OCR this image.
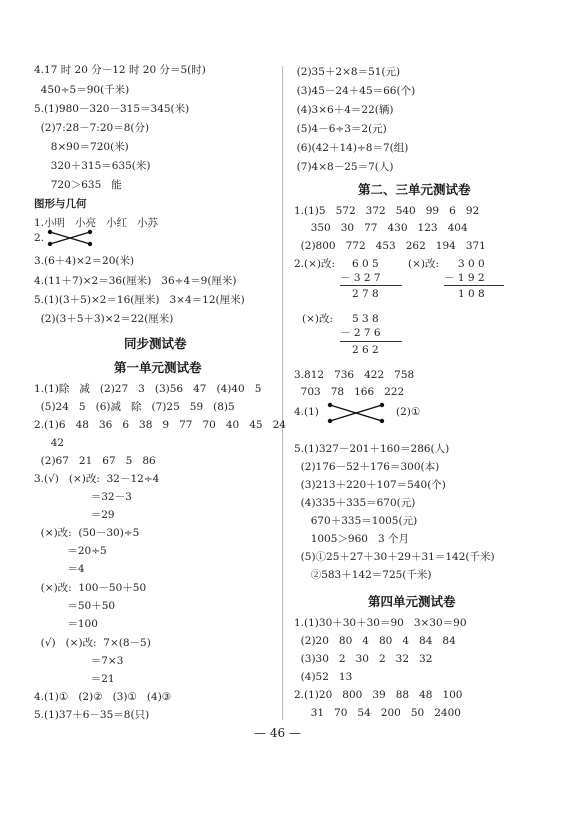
4.17 时 20 分－12 时 20 分＝5(时)
450÷5＝90(千米)
5.(1)980－320－315＝345(米)
(2)7:28－7:20＝8(分)
8×90＝720(米)
320＋315＝635(米)
720＞635   能
图形与几何
1.小明   小亮   小红   小苏
2.
3.(6＋4)×2＝20(米)
4.(11＋7)×2＝36(厘米)   36÷4＝9(厘米)
5.(1)(3＋5)×2＝16(厘米)   3×4＝12(厘米)
(2)(3＋5＋3)×2＝22(厘米)
同步测试卷
第一单元测试卷
1.(1)除   减   (2)27   3   (3)56   47   (4)40   5
(5)24   5   (6)减   除   (7)25   59   (8)5
2.(1)6   48   36   6   38   9   77   70   40   45   24
42
(2)67   21   67   5   86
3.(√)   (×)改:  32－12÷4
＝32－3
＝29
(×)改:  (50－30)÷5
＝20÷5
＝4
(×)改:  100－50＋50
＝50＋50
＝100
(√)   (×)改:  7×(8－5)
＝7×3
＝21
4.(1)①   (2)②   (3)①   (4)③
5.(1)37＋6－35＝8(只)
(2)35＋2×8＝51(元)
(3)45－24＋45＝66(个)
(4)3×6＋4＝22(辆)
(5)4－6÷3＝2(元)
(6)(42＋14)÷8＝7(组)
(7)4×8－25＝7(人)
第二、三单元测试卷
1.(1)5   572   372   540   99   6   92
350   30   77   430   123   404
(2)800   772   453   262   194   371
2.(×)改: 6 0 5
－ 3 2 7
2 7 8
(×)改: 3 0 0
－ 1 9 2
1 0 8
(×)改: 5 3 8
－ 2 7 6
2 6 2
3.812   736   422   758
703   78   166   222
4.(1)	(2)①
5.(1)327－201＋160＝286(人)
(2)176－52＋176＝300(本)
(3)213＋220＋107＝540(个)
(4)335＋335＝670(元)
670＋335＝1005(元)
1005＞960   3 个月
(5)①25＋27＋30＋29＋31＝142(千米)
②583＋142＝725(千米)
第四单元测试卷
1.(1)30＋30＋30＝90   3×30＝90
(2)20   80   4   80   4   84   84
(3)30   2   30   2   32   32
(4)52   13
2.(1)20   800   39   88   48   100
31   70   54   200   50   2400
— 46 —
